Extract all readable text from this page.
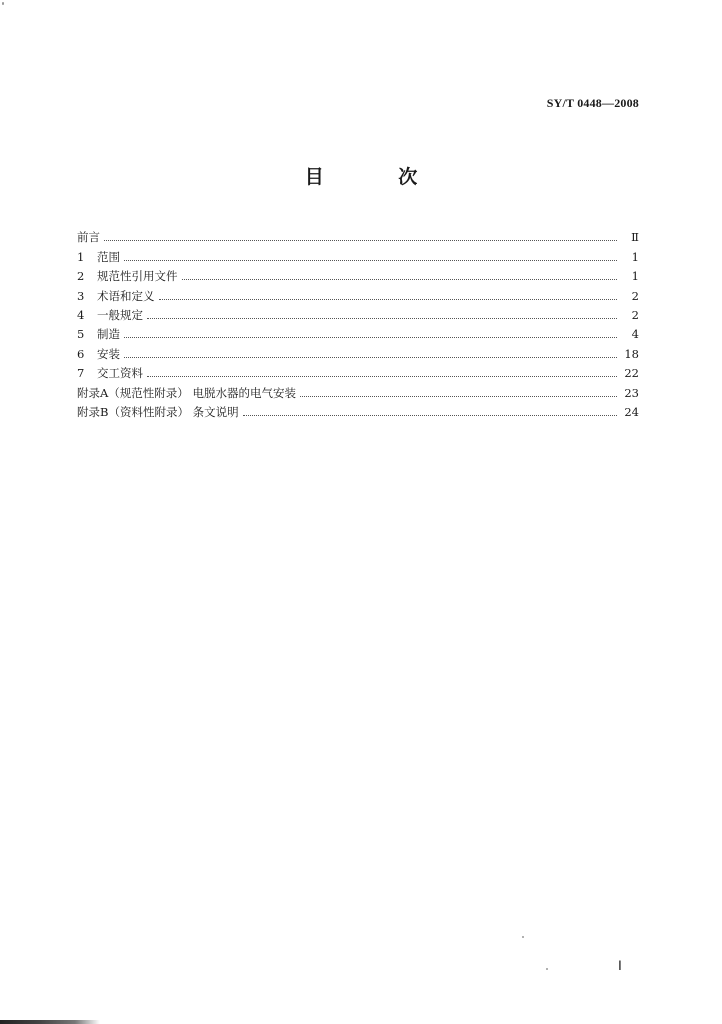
SY/T 0448—2008
目 次
前言	Ⅱ
1 范围	1
2 规范性引用文件	1
3 术语和定义	2
4 一般规定	2
5 制造	4
6 安装	18
7 交工资料	22
附录A（规范性附录） 电脱水器的电气安装	23
附录B（资料性附录） 条文说明	24
Ⅰ
